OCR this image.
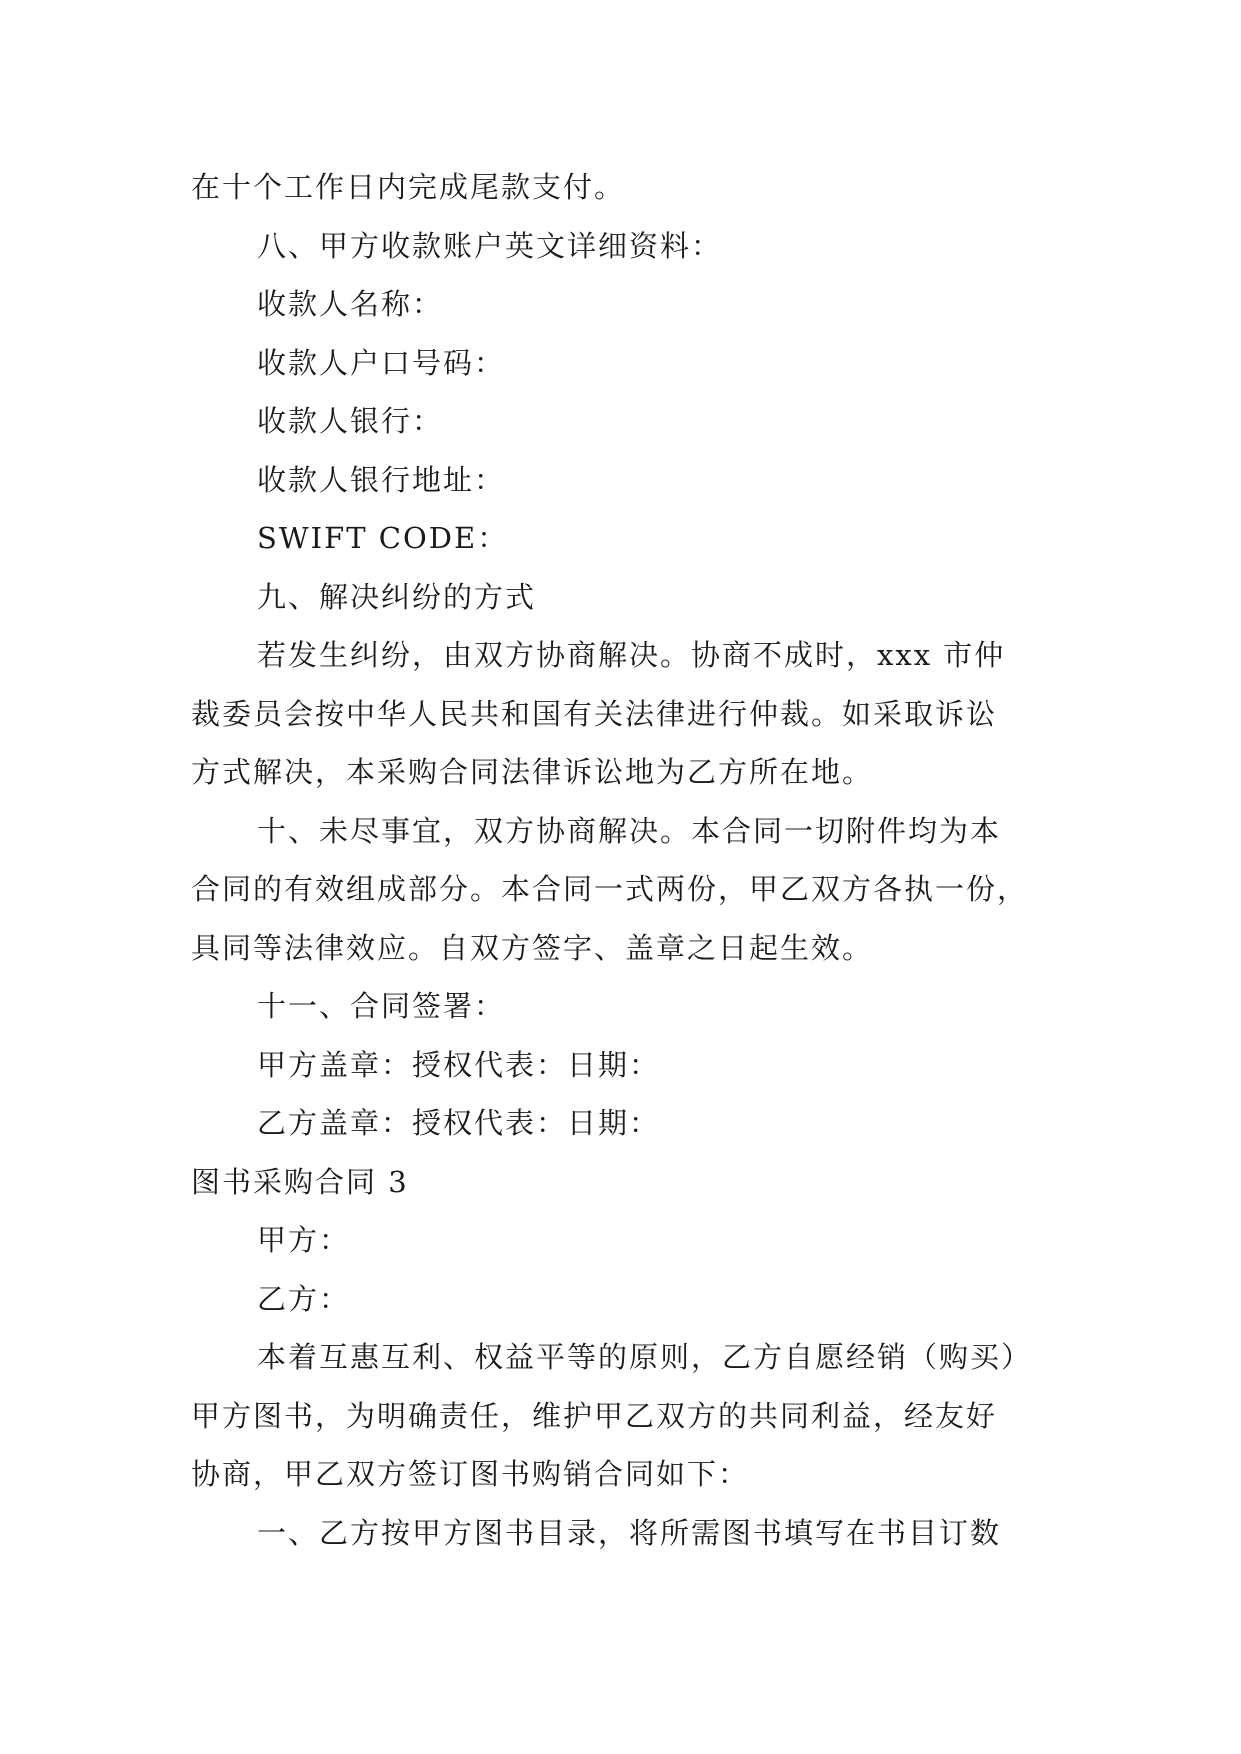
在十个工作日内完成尾款支付。
八、甲方收款账户英文详细资料：
收款人名称：
收款人户口号码：
收款人银行：
收款人银行地址：
SWIFT CODE：
九、解决纠纷的方式
若发生纠纷，由双方协商解决。协商不成时，xxx 市仲
裁委员会按中华人民共和国有关法律进行仲裁。如采取诉讼
方式解决，本采购合同法律诉讼地为乙方所在地。
十、未尽事宜，双方协商解决。本合同一切附件均为本
合同的有效组成部分。本合同一式两份，甲乙双方各执一份，
具同等法律效应。自双方签字、盖章之日起生效。
十一、合同签署：
甲方盖章：授权代表：日期：
乙方盖章：授权代表：日期：
图书采购合同 3
甲方：
乙方：
本着互惠互利、权益平等的原则，乙方自愿经销（购买）
甲方图书，为明确责任，维护甲乙双方的共同利益，经友好
协商，甲乙双方签订图书购销合同如下：
一、乙方按甲方图书目录，将所需图书填写在书目订数
